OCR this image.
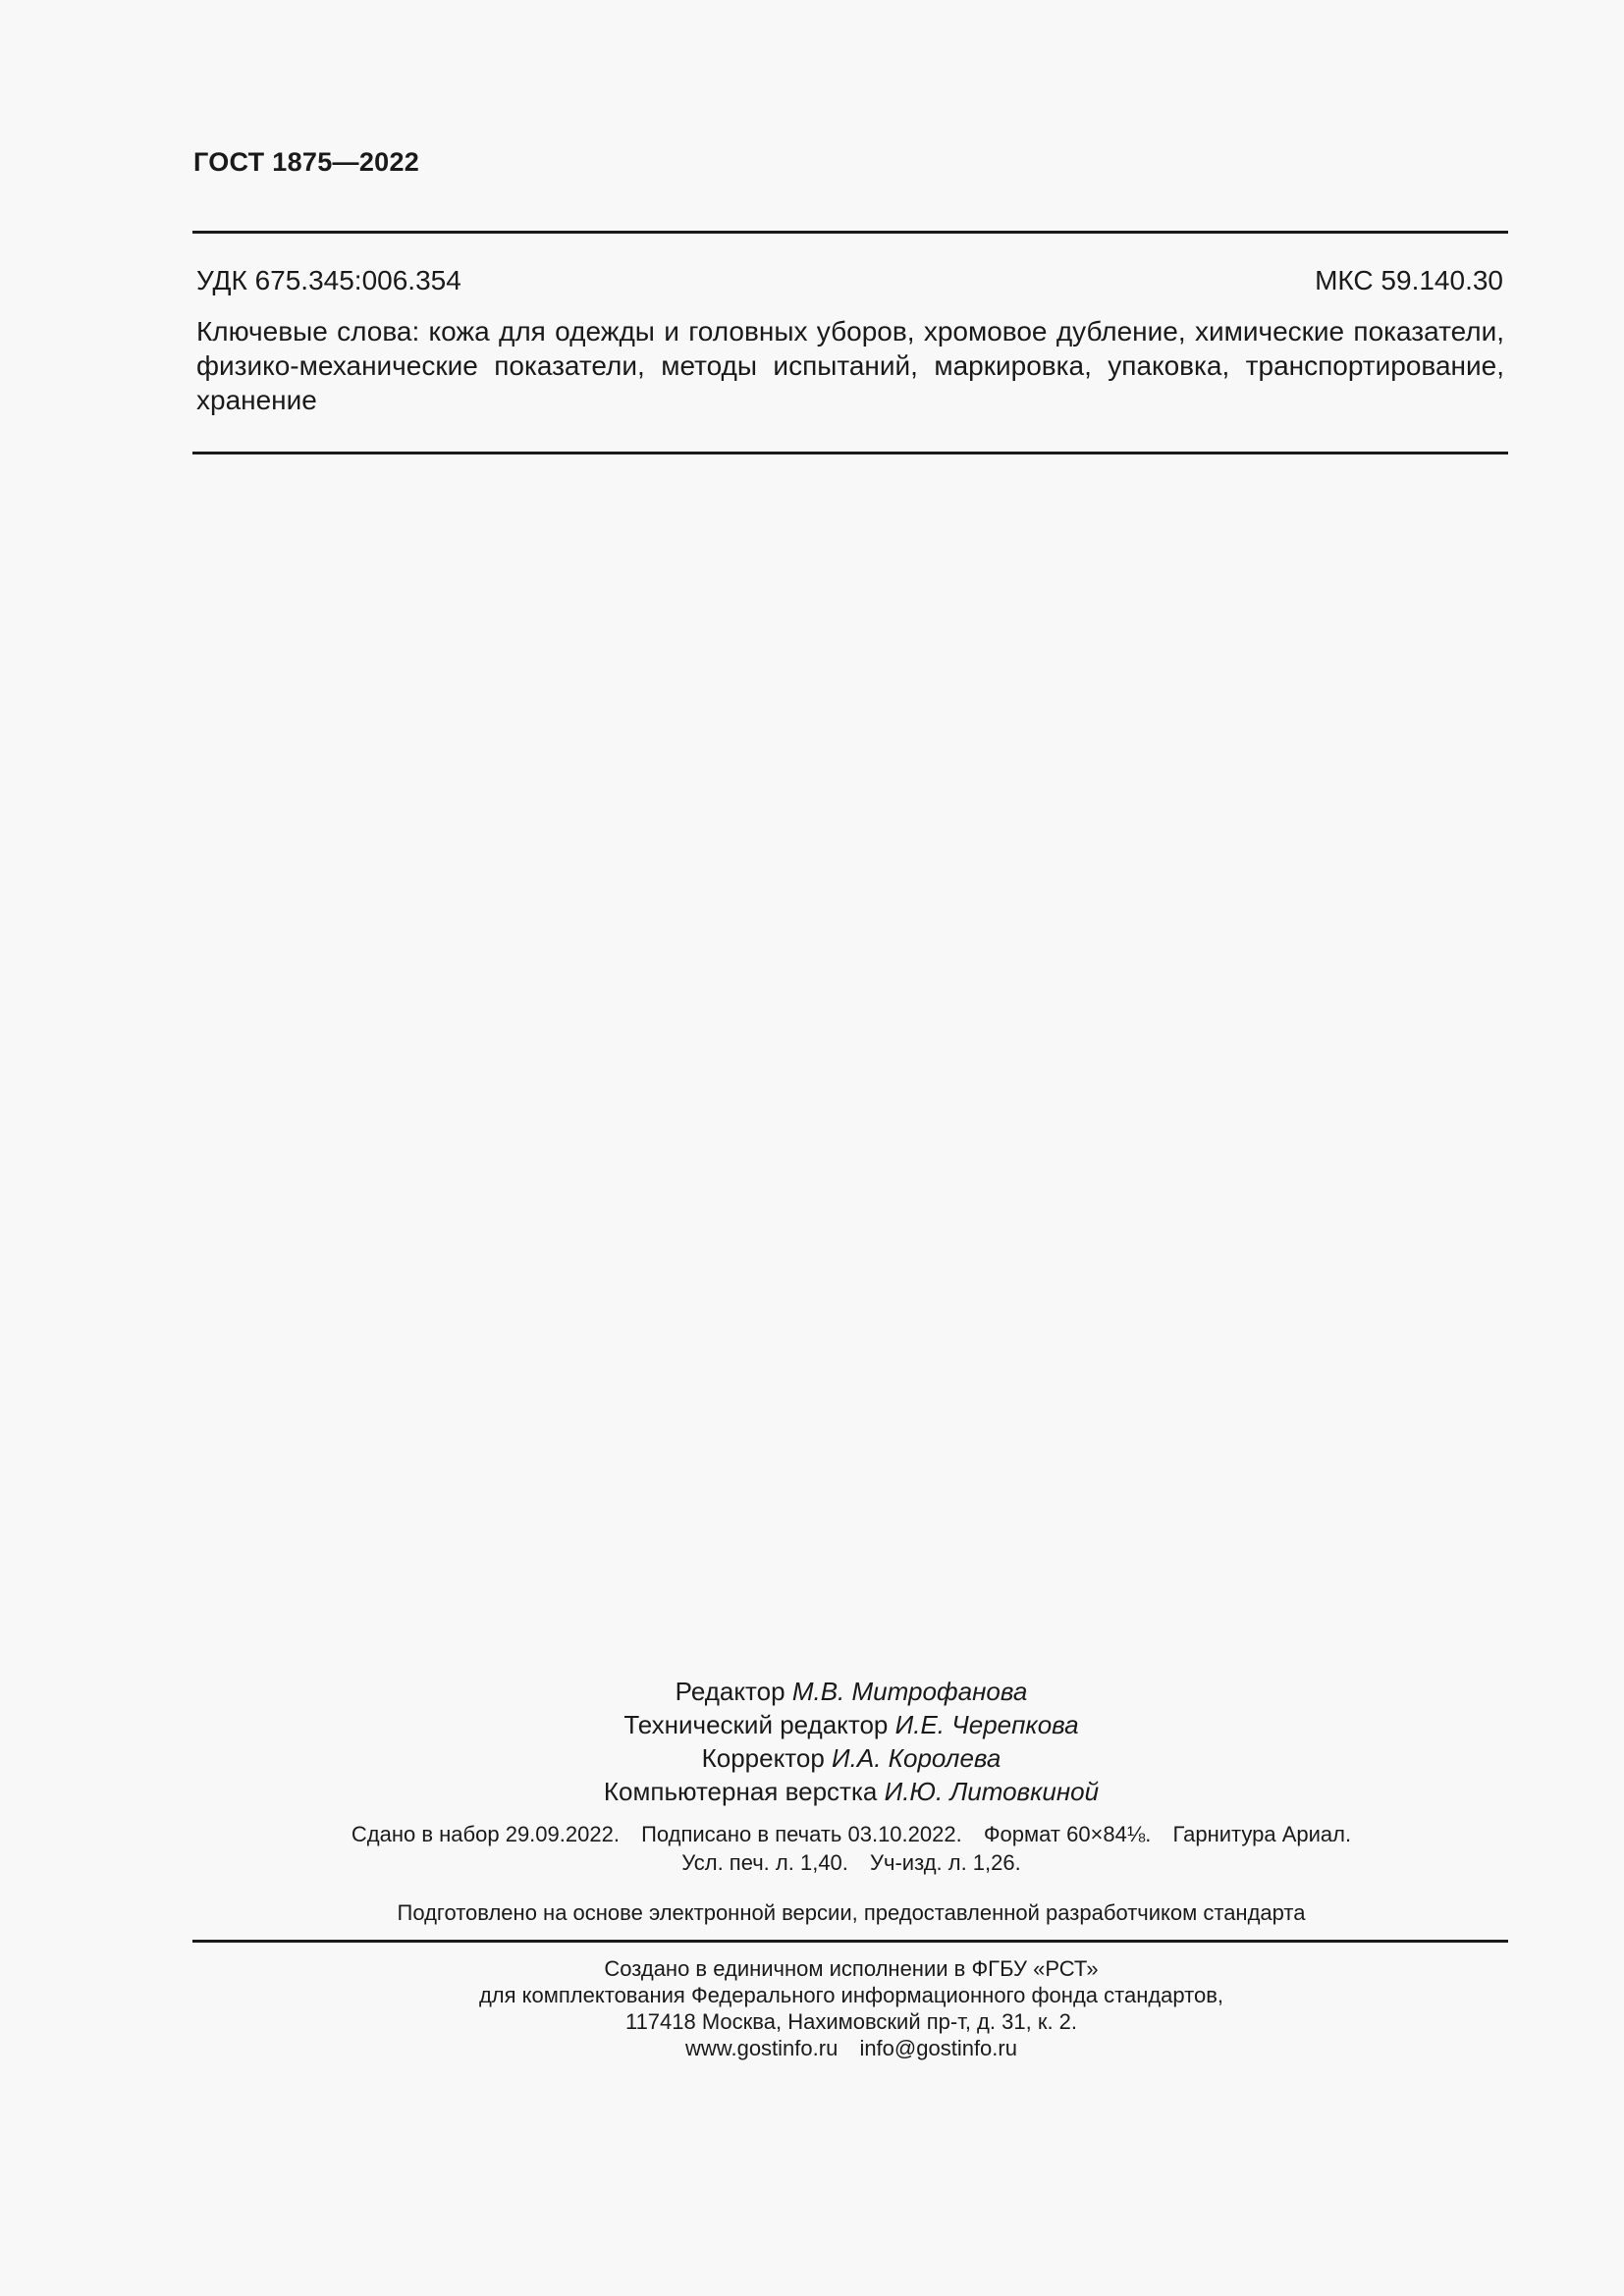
ГОСТ 1875—2022
УДК 675.345:006.354	МКС 59.140.30
Ключевые слова: кожа для одежды и головных уборов, хромовое дубление, химические показатели, физико-механические показатели, методы испытаний, маркировка, упаковка, транспортирование, хранение
Редактор М.В. Митрофанова
Технический редактор И.Е. Черепкова
Корректор И.А. Королева
Компьютерная верстка И.Ю. Литовкиной
Сдано в набор 29.09.2022. Подписано в печать 03.10.2022. Формат 60×84⅛. Гарнитура Ариал.
Усл. печ. л. 1,40. Уч-изд. л. 1,26.
Подготовлено на основе электронной версии, предоставленной разработчиком стандарта
Создано в единичном исполнении в ФГБУ «РСТ»
для комплектования Федерального информационного фонда стандартов,
117418 Москва, Нахимовский пр-т, д. 31, к. 2.
www.gostinfo.ru info@gostinfo.ru
